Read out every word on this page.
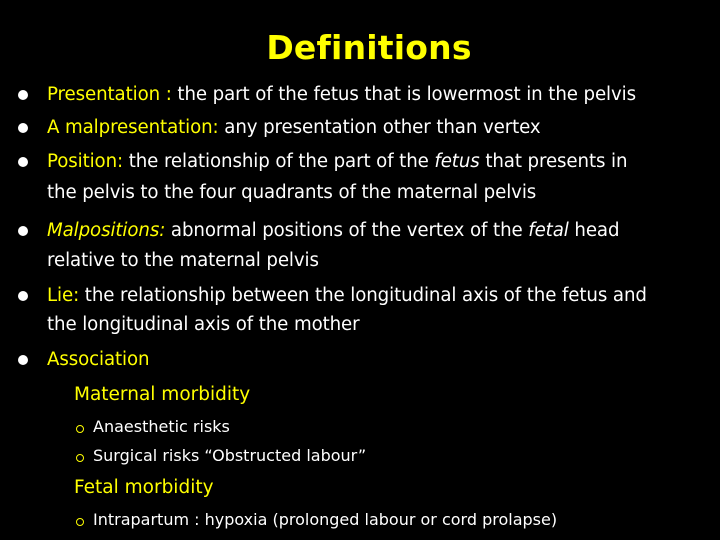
Definitions
Presentation : the part of the fetus that is lowermost in the pelvis
A malpresentation: any presentation other than vertex
Position: the relationship of the part of the fetus that presents in
the pelvis to the four quadrants of the maternal pelvis
Malpositions: abnormal positions of the vertex of the fetal head
relative to the maternal pelvis
Lie: the relationship between the longitudinal axis of the fetus and
the longitudinal axis of the mother
Association
Maternal morbidity
Anaesthetic risks
Surgical risks “Obstructed labour”
Fetal morbidity
Intrapartum : hypoxia (prolonged labour or cord prolapse)
